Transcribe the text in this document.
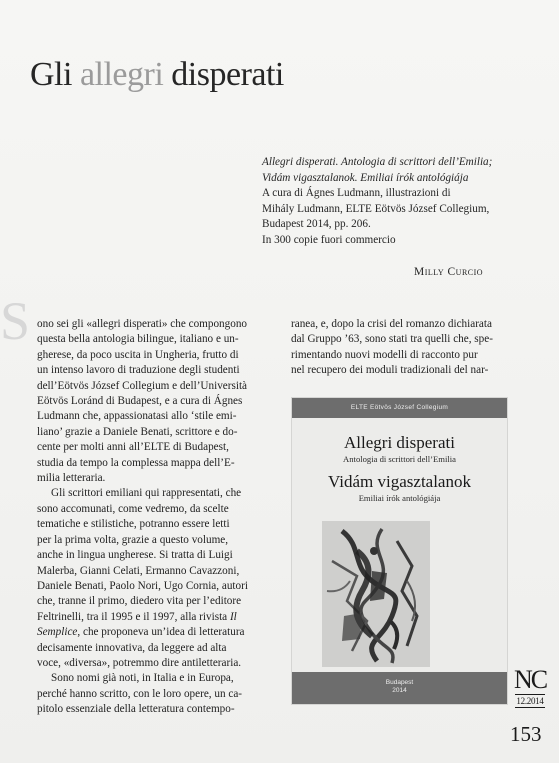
Gli allegri disperati
Allegri disperati. Antologia di scrittori dell’Emilia;
Vidám vigasztalanok. Emiliai írók antológiája
A cura di Ágnes Ludmann, illustrazioni di
Mihály Ludmann, ELTE Eötvös József Collegium,
Budapest 2014, pp. 206.
In 300 copie fuori commercio
Milly Curcio
S ono sei gli «allegri disperati» che compongono
questa bella antologia bilingue, italiano e un-
gherese, da poco uscita in Ungheria, frutto di
un intenso lavoro di traduzione degli studenti
dell’Eötvös József Collegium e dell’Università
Eötvös Loránd di Budapest, e a cura di Ágnes
Ludmann che, appassionatasi allo ‘stile emi-
liano’ grazie a Daniele Benati, scrittore e do-
cente per molti anni all’ELTE di Budapest,
studia da tempo la complessa mappa dell’E-
milia letteraria.
Gli scrittori emiliani qui rappresentati, che
sono accomunati, come vedremo, da scelte
tematiche e stilistiche, potranno essere letti
per la prima volta, grazie a questo volume,
anche in lingua ungherese. Si tratta di Luigi
Malerba, Gianni Celati, Ermanno Cavazzoni,
Daniele Benati, Paolo Nori, Ugo Cornia, autori
che, tranne il primo, diedero vita per l’editore
Feltrinelli, tra il 1995 e il 1997, alla rivista Il
Semplice, che proponeva un’idea di letteratura
decisamente innovativa, da leggere ad alta
voce, «diversa», potremmo dire antiletteraria.
Sono nomi già noti, in Italia e in Europa,
perché hanno scritto, con le loro opere, un ca-
pitolo essenziale della letteratura contempo-
ranea, e, dopo la crisi del romanzo dichiarata
dal Gruppo ’63, sono stati tra quelli che, spe-
rimentando nuovi modelli di racconto pur
nel recupero dei moduli tradizionali del nar-
ELTE Eötvös József Collegium
Allegri disperati
Antologia di scrittori dell’Emilia
Vidám vigasztalanok
Emiliai írók antológiája
Budapest
2014	NC
12.2014
153
